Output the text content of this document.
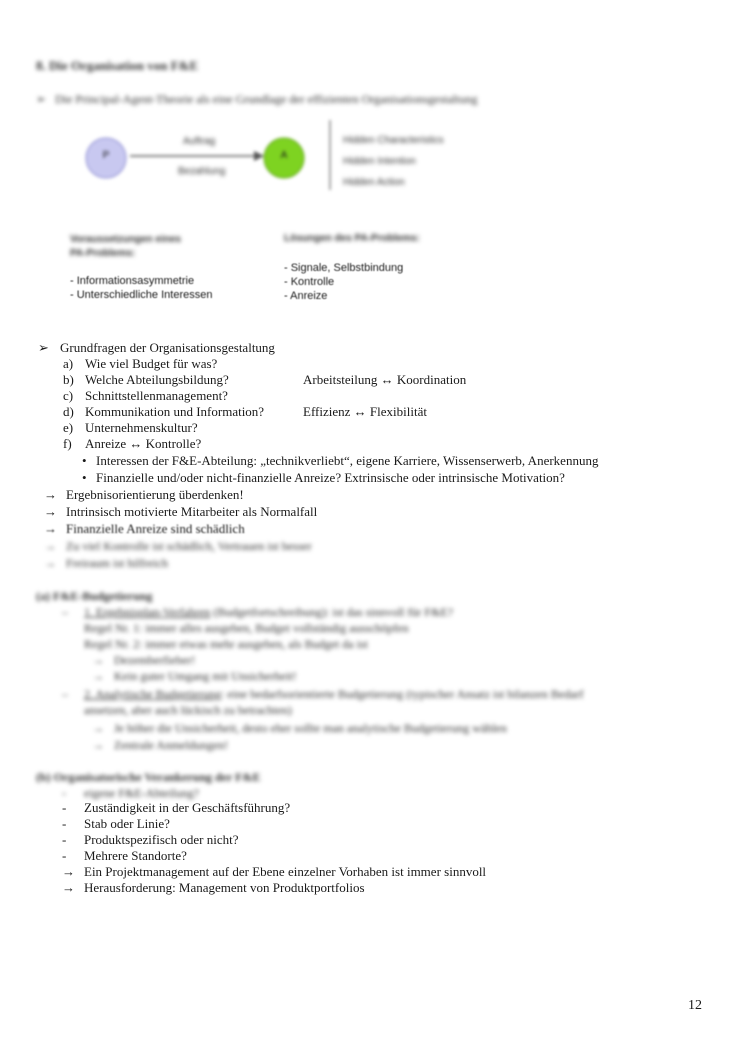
8. Die Organisation von F&E
➢ Die Principal-Agent-Theorie als eine Grundlage der effizienten Organisationsgestaltung
P	A
Auftrag
Bezahlung
Hidden Characteristics
Hidden Intention
Hidden Action
Voraussetzungen eines
PA-Problems:
- Informationsasymmetrie
- Unterschiedliche Interessen
Lösungen des PA-Problems:
- Signale, Selbstbindung
- Kontrolle
- Anreize
➢ Grundfragen der Organisationsgestaltung
a) Wie viel Budget für was?
b) Welche Abteilungsbildung?	Arbeitsteilung ↔ Koordination
c) Schnittstellenmanagement?
d) Kommunikation und Information?	Effizienz ↔ Flexibilität
e) Unternehmenskultur?
f) Anreize ↔ Kontrolle?
• Interessen der F&E-Abteilung: „technikverliebt“, eigene Karriere, Wissenserwerb, Anerkennung
• Finanzielle und/oder nicht-finanzielle Anreize? Extrinsische oder intrinsische Motivation?
→ Ergebnisorientierung überdenken!
→ Intrinsisch motivierte Mitarbeiter als Normalfall
→ Finanzielle Anreize sind schädlich
→ Zu viel Kontrolle ist schädlich, Vertrauen ist besser
→ Freiraum ist hilfreich
(a) F&E-Budgetierung
– 1. Ergebnisplan-Verfahren (Budgetfortschreibung): ist das sinnvoll für F&E?
Regel Nr. 1: immer alles ausgeben, Budget vollständig ausschöpfen
Regel Nr. 2: immer etwas mehr ausgeben, als Budget da ist
→ Dezemberfieber!
→ Kein guter Umgang mit Unsicherheit!
– 2. Analytische Budgetierung: eine bedarfsorientierte Budgetierung (typischer Ansatz ist bilanzen Bedarf
ansetzen, aber auch lückisch zu betrachten)
→ Je höher die Unsicherheit, desto eher sollte man analytische Budgetierung wählen
→ Zentrale Anmeldungen!
(b) Organisatorische Verankerung der F&E
- eigene F&E-Abteilung?
- Zuständigkeit in der Geschäftsführung?
- Stab oder Linie?
- Produktspezifisch oder nicht?
- Mehrere Standorte?
→ Ein Projektmanagement auf der Ebene einzelner Vorhaben ist immer sinnvoll
→ Herausforderung: Management von Produktportfolios
12
